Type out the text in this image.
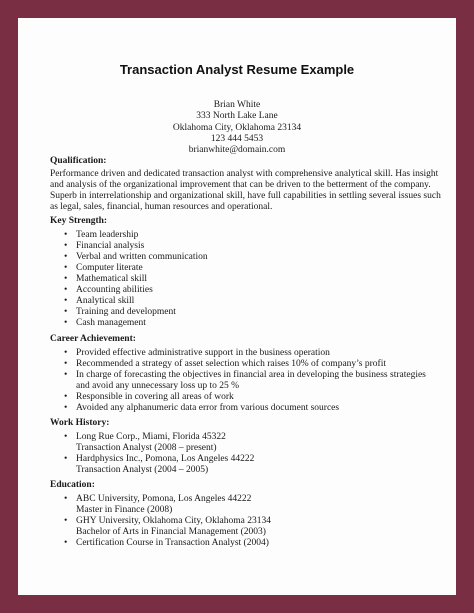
Transaction Analyst Resume Example
Brian White
333 North Lake Lane
Oklahoma City, Oklahoma 23134
123 444 5453
brianwhite@domain.com
Qualification:
Performance driven and dedicated transaction analyst with comprehensive analytical skill. Has insight and analysis of the organizational improvement that can be driven to the betterment of the company. Superb in interrelationship and organizational skill, have full capabilities in settling several issues such as legal, sales, financial, human resources and operational.
Key Strength:
• Team leadership
• Financial analysis
• Verbal and written communication
• Computer literate
• Mathematical skill
• Accounting abilities
• Analytical skill
• Training and development
• Cash management
Career Achievement:
• Provided effective administrative support in the business operation
• Recommended a strategy of asset selection which raises 10% of company’s profit
• In charge of forecasting the objectives in financial area in developing the business strategies and avoid any unnecessary loss up to 25 %
• Responsible in covering all areas of work
• Avoided any alphanumeric data error from various document sources
Work History:
• Long Rue Corp., Miami, Florida 45322
Transaction Analyst (2008 – present)
• Hardphysics Inc., Pomona, Los Angeles 44222
Transaction Analyst (2004 – 2005)
Education:
• ABC University, Pomona, Los Angeles 44222
Master in Finance (2008)
• GHY University, Oklahoma City, Oklahoma 23134
Bachelor of Arts in Financial Management (2003)
• Certification Course in Transaction Analyst (2004)
